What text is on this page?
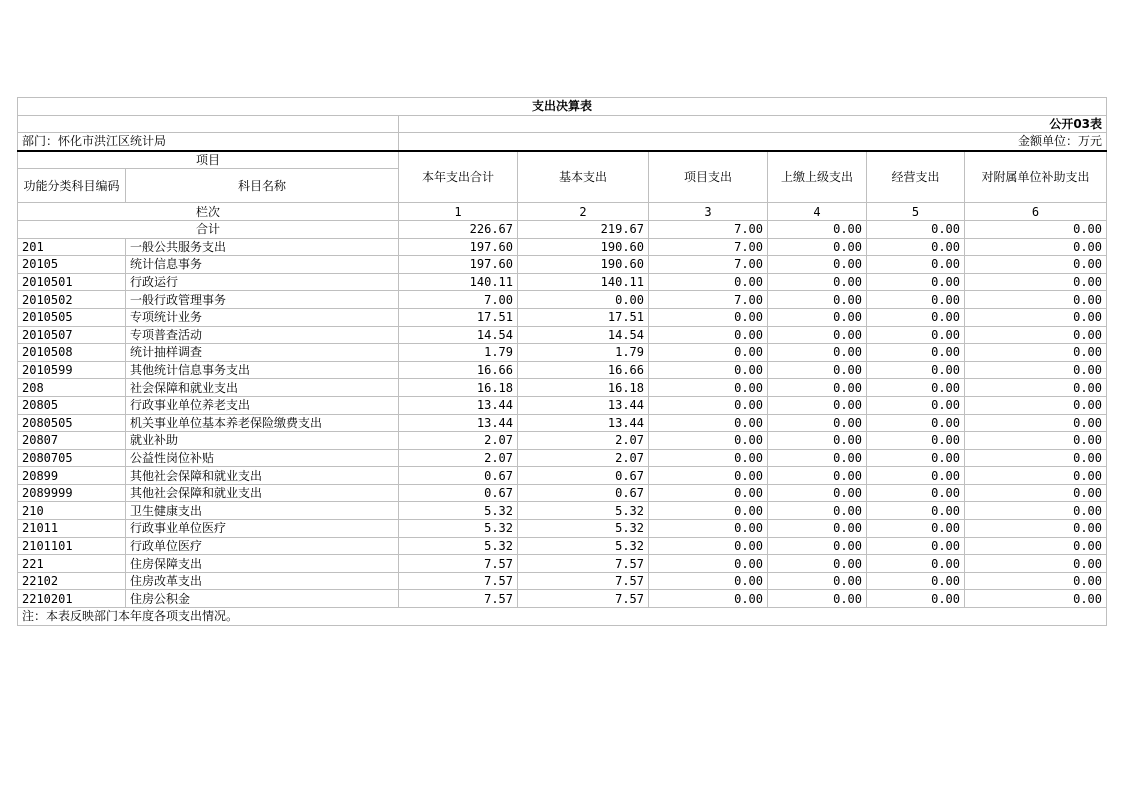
支出决算表							
		公开03表					
部门：怀化市洪江区统计局		金额单位：万元					
项目		本年支出合计	基本支出	项目支出	上缴上级支出	经营支出	对附属单位补助支出
功能分类科目编码	科目名称						
栏次		1	2	3	4	5	6
合计		226.67	219.67	7.00	0.00	0.00	0.00
201	一般公共服务支出	197.60	190.60	7.00	0.00	0.00	0.00
20105	统计信息事务	197.60	190.60	7.00	0.00	0.00	0.00
2010501	行政运行	140.11	140.11	0.00	0.00	0.00	0.00
2010502	一般行政管理事务	7.00	0.00	7.00	0.00	0.00	0.00
2010505	专项统计业务	17.51	17.51	0.00	0.00	0.00	0.00
2010507	专项普查活动	14.54	14.54	0.00	0.00	0.00	0.00
2010508	统计抽样调查	1.79	1.79	0.00	0.00	0.00	0.00
2010599	其他统计信息事务支出	16.66	16.66	0.00	0.00	0.00	0.00
208	社会保障和就业支出	16.18	16.18	0.00	0.00	0.00	0.00
20805	行政事业单位养老支出	13.44	13.44	0.00	0.00	0.00	0.00
2080505	机关事业单位基本养老保险缴费支出	13.44	13.44	0.00	0.00	0.00	0.00
20807	就业补助	2.07	2.07	0.00	0.00	0.00	0.00
2080705	公益性岗位补贴	2.07	2.07	0.00	0.00	0.00	0.00
20899	其他社会保障和就业支出	0.67	0.67	0.00	0.00	0.00	0.00
2089999	其他社会保障和就业支出	0.67	0.67	0.00	0.00	0.00	0.00
210	卫生健康支出	5.32	5.32	0.00	0.00	0.00	0.00
21011	行政事业单位医疗	5.32	5.32	0.00	0.00	0.00	0.00
2101101	行政单位医疗	5.32	5.32	0.00	0.00	0.00	0.00
221	住房保障支出	7.57	7.57	0.00	0.00	0.00	0.00
22102	住房改革支出	7.57	7.57	0.00	0.00	0.00	0.00
2210201	住房公积金	7.57	7.57	0.00	0.00	0.00	0.00
注：本表反映部门本年度各项支出情况。							
